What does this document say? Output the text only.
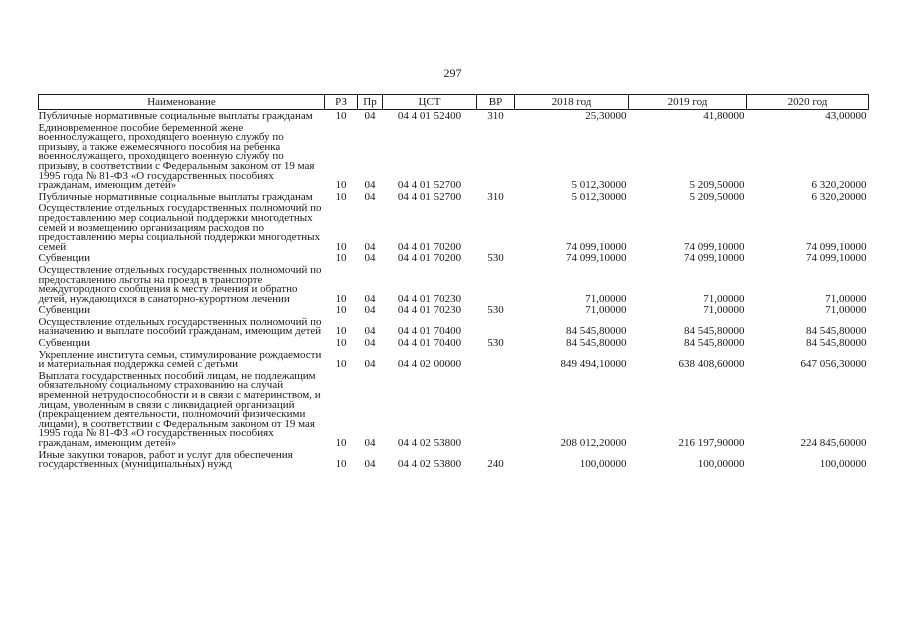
297
Наименование	РЗ	Пр	ЦСТ	ВР	2018 год	2019 год	2020 год
Публичные нормативные социальные выплаты гражданам	10	04	04 4 01 52400	310	25,30000	41,80000	43,00000
Единовременное пособие беременной жене военнослужащего, проходящего военную службу по призыву, а также ежемесячного пособия на ребенка военнослужащего, проходящего военную службу по призыву, в соответствии с Федеральным законом от 19 мая 1995 года № 81-ФЗ «О государственных пособиях гражданам, имеющим детей»	10	04	04 4 01 52700		5 012,30000	5 209,50000	6 320,20000
Публичные нормативные социальные выплаты гражданам	10	04	04 4 01 52700	310	5 012,30000	5 209,50000	6 320,20000
Осуществление отдельных государственных полномочий по предоставлению мер социальной поддержки многодетных семей и возмещению организациям расходов по предоставлению меры социальной поддержки многодетных семей	10	04	04 4 01 70200		74 099,10000	74 099,10000	74 099,10000
Субвенции	10	04	04 4 01 70200	530	74 099,10000	74 099,10000	74 099,10000
Осуществление отдельных государственных полномочий по предоставлению льготы на проезд в транспорте междугородного сообщения к месту лечения и обратно детей, нуждающихся в санаторно-курортном лечении	10	04	04 4 01 70230		71,00000	71,00000	71,00000
Субвенции	10	04	04 4 01 70230	530	71,00000	71,00000	71,00000
Осуществление отдельных государственных полномочий по назначению и выплате пособий гражданам, имеющим детей	10	04	04 4 01 70400		84 545,80000	84 545,80000	84 545,80000
Субвенции	10	04	04 4 01 70400	530	84 545,80000	84 545,80000	84 545,80000
Укрепление института семьи, стимулирование рождаемости и материальная поддержка семей с детьми	10	04	04 4 02 00000		849 494,10000	638 408,60000	647 056,30000
Выплата государственных пособий лицам, не подлежащим обязательному социальному страхованию на случай временной нетрудоспособности и в связи с материнством, и лицам, уволенным в связи с ликвидацией организаций (прекращением деятельности, полномочий физическими лицами), в соответствии с Федеральным законом от 19 мая 1995 года № 81-ФЗ «О государственных пособиях гражданам, имеющим детей»	10	04	04 4 02 53800		208 012,20000	216 197,90000	224 845,60000
Иные закупки товаров, работ и услуг для обеспечения государственных (муниципальных) нужд	10	04	04 4 02 53800	240	100,00000	100,00000	100,00000
